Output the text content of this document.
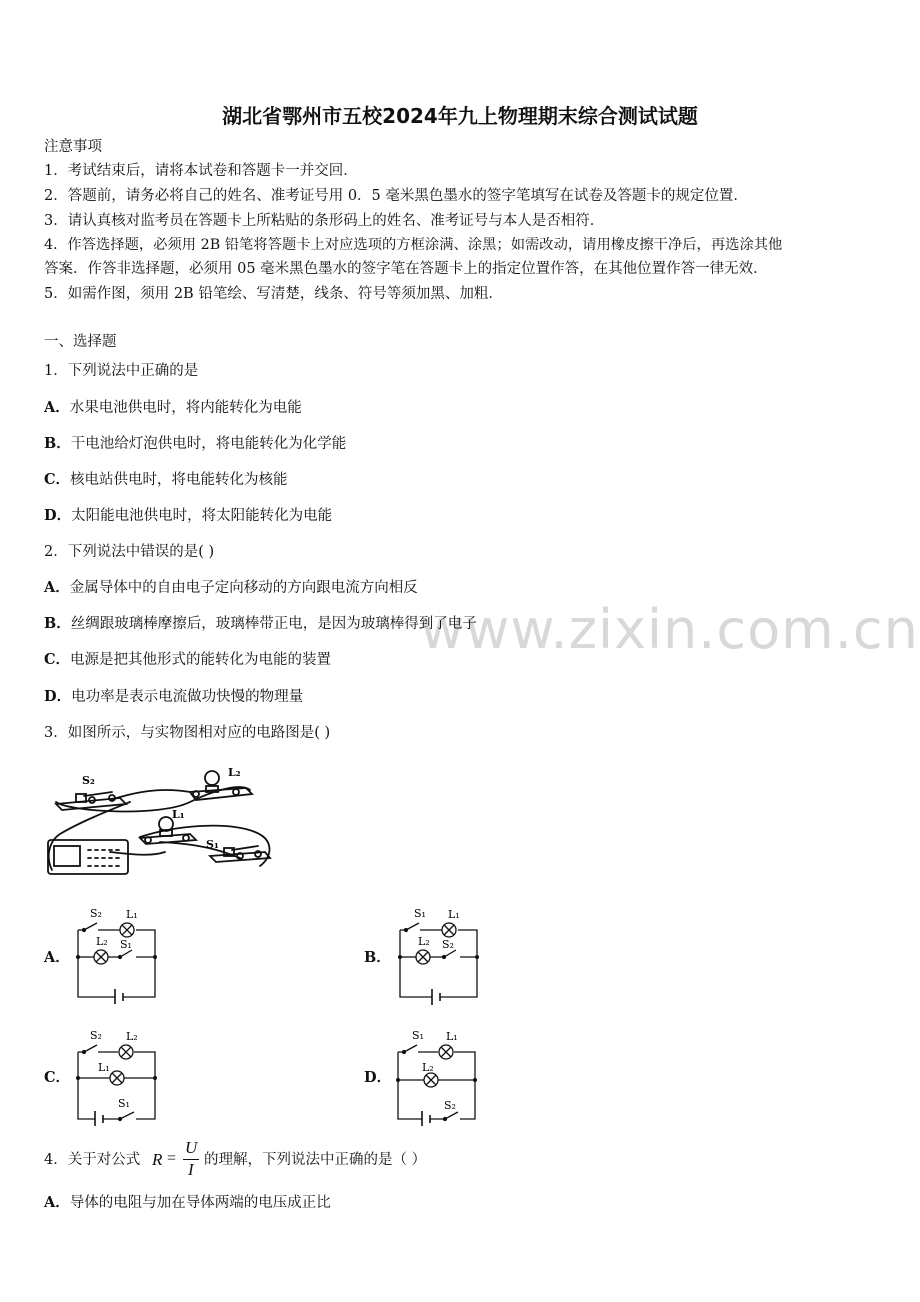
www.zixin.com.cn
湖北省鄂州市五校2024年九上物理期末综合测试试题
注意事项
1．考试结束后，请将本试卷和答题卡一并交回．
2．答题前，请务必将自己的姓名、准考证号用 0．5 毫米黑色墨水的签字笔填写在试卷及答题卡的规定位置．
3．请认真核对监考员在答题卡上所粘贴的条形码上的姓名、准考证号与本人是否相符．
4．作答选择题，必须用 2B 铅笔将答题卡上对应选项的方框涂满、涂黑；如需改动，请用橡皮擦干净后，再选涂其他
答案．作答非选择题，必须用 05 毫米黑色墨水的签字笔在答题卡上的指定位置作答，在其他位置作答一律无效．
5．如需作图，须用 2B 铅笔绘、写清楚，线条、符号等须加黑、加粗．
一、选择题
1．下列说法中正确的是
A．水果电池供电时，将内能转化为电能
B．干电池给灯泡供电时，将电能转化为化学能
C．核电站供电时，将电能转化为核能
D．太阳能电池供电时，将太阳能转化为电能
2．下列说法中错误的是( )
A．金属导体中的自由电子定向移动的方向跟电流方向相反
B．丝绸跟玻璃棒摩擦后，玻璃棒带正电，是因为玻璃棒得到了电子
C．电源是把其他形式的能转化为电能的装置
D．电功率是表示电流做功快慢的物理量
3．如图所示，与实物图相对应的电路图是( )
S₂
L₂
L₁
S₁
A．
S₂ L₁
L₂ S₁
B．
S₁ L₁
L₂ S₂
C．
S₂ L₂
L₁
S₁
D．
S₁ L₁
L₂
S₂
4．关于对公式 R =
U
I 的理解，下列说法中正确的是（ ）
A．导体的电阻与加在导体两端的电压成正比
